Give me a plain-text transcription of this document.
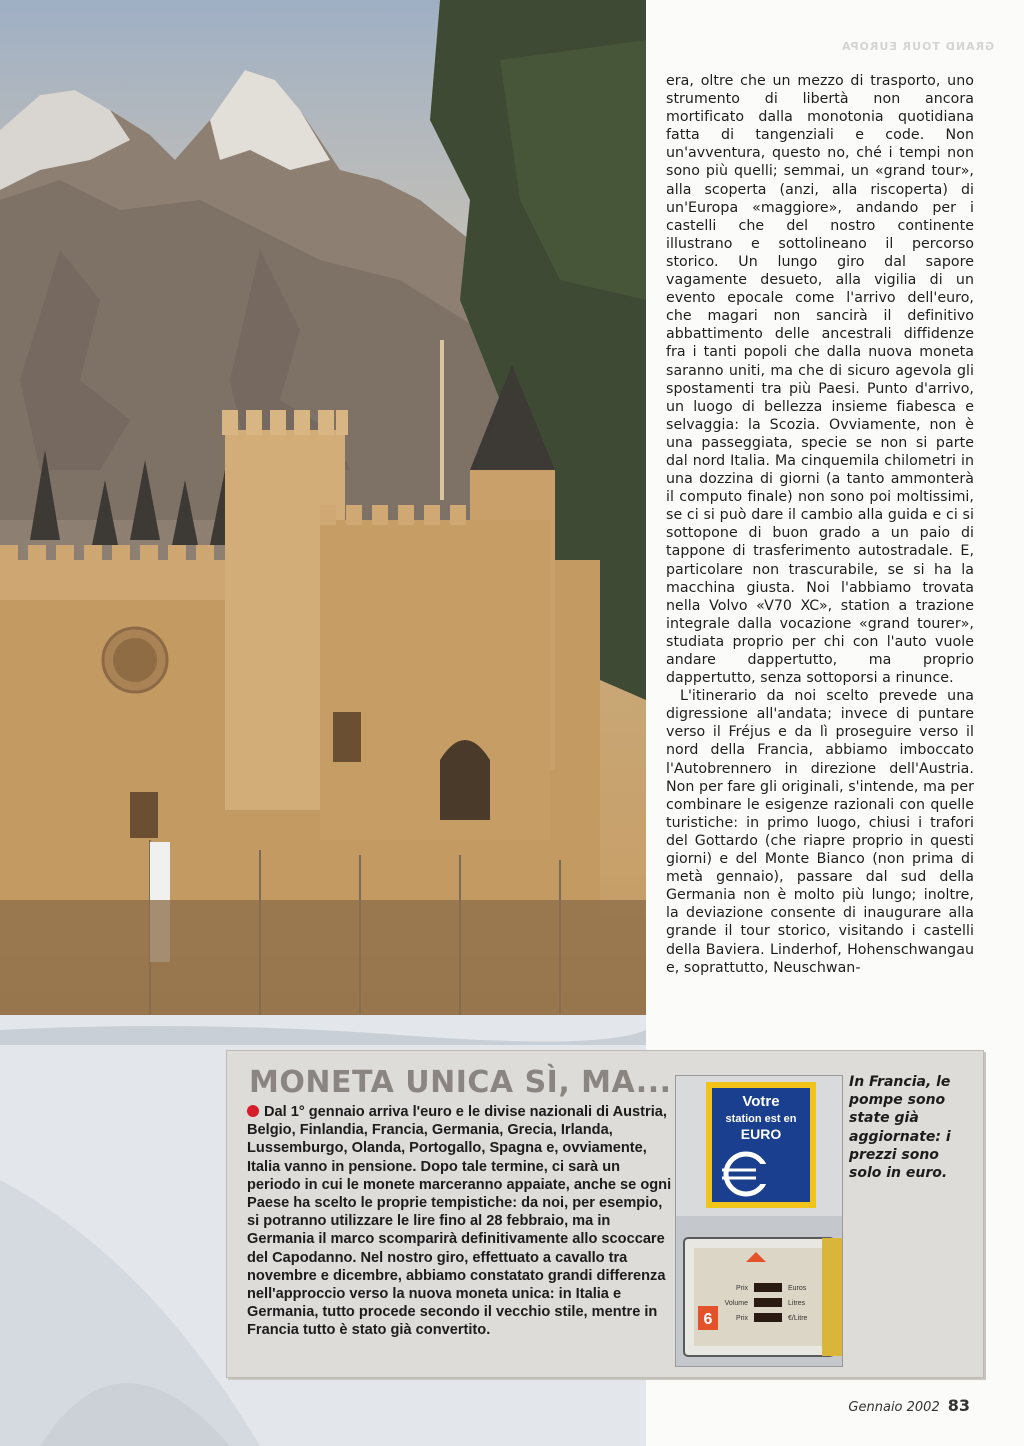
GRAND TOUR EUROPA

era, oltre che un mezzo di trasporto, uno strumento di libertà non ancora mortificato dalla monotonia quotidiana fatta di tangenziali e code. Non un'avventura, questo no, ché i tempi non sono più quelli; semmai, un «grand tour», alla scoperta (anzi, alla riscoperta) di un'Europa «maggiore», andando per i castelli che del nostro continente illustrano e sottolineano il percorso storico. Un lungo giro dal sapore vagamente desueto, alla vigilia di un evento epocale come l'arrivo dell'euro, che magari non sancirà il definitivo abbattimento delle ancestrali diffidenze fra i tanti popoli che dalla nuova moneta saranno uniti, ma che di sicuro agevola gli spostamenti tra più Paesi. Punto d'arrivo, un luogo di bellezza insieme fiabesca e selvaggia: la Scozia. Ovviamente, non è una passeggiata, specie se non si parte dal nord Italia. Ma cinquemila chilometri in una dozzina di giorni (a tanto ammonterà il computo finale) non sono poi moltissimi, se ci si può dare il cambio alla guida e ci si sottopone di buon grado a un paio di tappone di trasferimento autostradale. E, particolare non trascurabile, se si ha la macchina giusta. Noi l'abbiamo trovata nella Volvo «V70 XC», station a trazione integrale dalla vocazione «grand tourer», studiata proprio per chi con l'auto vuole andare dappertutto, ma proprio dappertutto, senza sottoporsi a rinunce.

L'itinerario da noi scelto prevede una digressione all'andata; invece di puntare verso il Fréjus e da lì proseguire verso il nord della Francia, abbiamo imboccato l'Autobrennero in direzione dell'Austria. Non per fare gli originali, s'intende, ma per combinare le esigenze razionali con quelle turistiche: in primo luogo, chiusi i trafori del Gottardo (che riapre proprio in questi giorni) e del Monte Bianco (non prima di metà gennaio), passare dal sud della Germania non è molto più lungo; inoltre, la deviazione consente di inaugurare alla grande il tour storico, visitando i castelli della Baviera. Linderhof, Hohenschwangau e, soprattutto, Neuschwan-

MONETA UNICA SÌ, MA...
Dal 1° gennaio arriva l'euro e le divise nazionali di Austria, Belgio, Finlandia, Francia, Germania, Grecia, Irlanda, Lussemburgo, Olanda, Portogallo, Spagna e, ovviamente, Italia vanno in pensione. Dopo tale termine, ci sarà un periodo in cui le monete marceranno appaiate, anche se ogni Paese ha scelto le proprie tempistiche: da noi, per esempio, si potranno utilizzare le lire fino al 28 febbraio, ma in Germania il marco scomparirà definitivamente allo scoccare del Capodanno. Nel nostro giro, effettuato a cavallo tra novembre e dicembre, abbiamo constatato grandi differenza nell'approccio verso la nuova moneta unica: in Italia e Germania, tutto procede secondo il vecchio stile, mentre in Francia tutto è stato già convertito.
Votre
station est en
EURO
6
Prix
Volume
Prix
Euros
Litres
€/Litre
In Francia, le pompe sono state già aggiornate: i prezzi sono solo in euro.
Gennaio 2002 83
